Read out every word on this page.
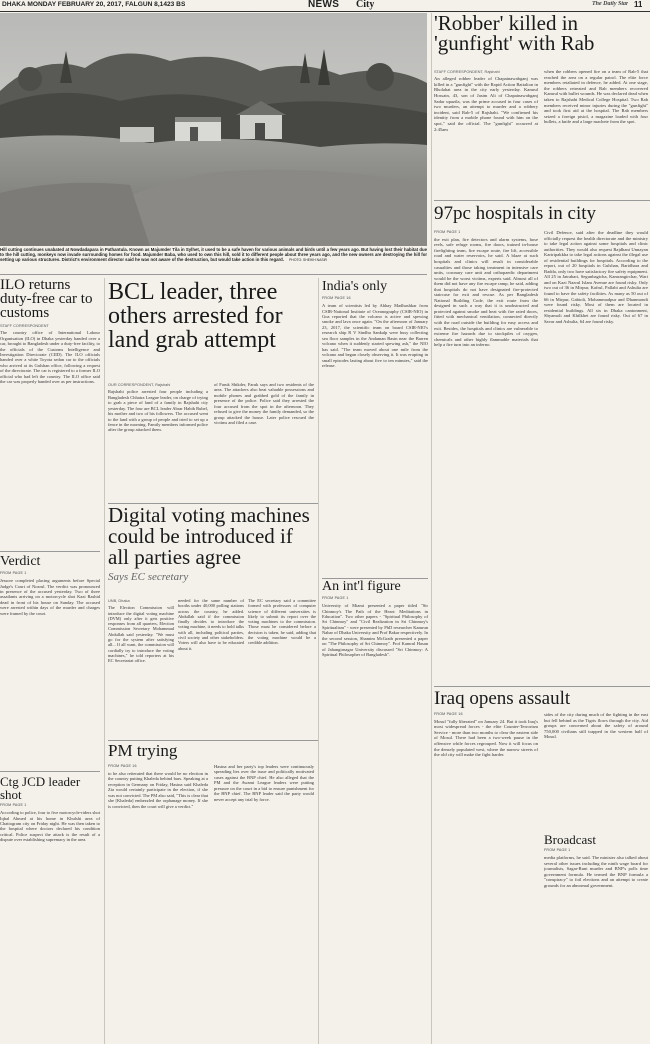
DHAKA MONDAY FEBRUARY 20, 2017, FALGUN 8,1423 BS	NEWS City	The Daily Star 11

Hill cutting continues unabated at Nowdadapara in Pathantula. Known as Majumder Tila in Sylhet, it used to be a safe haven for various animals and birds until a few years ago. But having lost their habitat due to the hill cutting, monkeys now invade surrounding homes for food. Majumder Baba, who used to own this hill, sold it to different people about three years ago, and the new owners are destroying the hill for setting up various structures. District's environment director said he was not aware of the destruction, but would take action in this regard. PHOTO: SHEIKH NASIR

'Robber' killed in 'gunfight' with Rab

STAFF CORRESPONDENT, Rajshahi

An alleged robber leader of Chapainawabganj was killed in a "gunfight" with the Rapid Action Battalion in Bholahat area in the city early yesterday. Kamrul Hossain, 43, son of Jasim Ali of Chapainawabganj Sadar upazila, was the prime accused in four cases of two murders, an attempt to murder and a robbery incident, said Rab-5 of Rajshahi. "We confirmed his identity from a mobile phone found with him on the spot," said the official. The "gunfight" occurred at 2:45am

when the robbers opened fire on a team of Rab-5 that reached the area on a regular patrol. The elite force members retaliated in defence, he added. At one stage, the robbers retreated and Rab members recovered Kamrul with bullet wounds. He was declared dead when taken to Rajshahi Medical College Hospital. Two Rab members received minor injuries during the "gunfight" and took first aid at the hospital. The Rab members seized a foreign pistol, a magazine loaded with four bullets, a knife and a large machete from the spot.

97pc hospitals in city

FROM PAGE 1

the exit plan, fire detectors and alarm systems, hose reels, safe refuge rooms, fire doors, trained in-house firefighting team, fire escape route, fire lift, accessible road and water reservoirs, he said. A blaze at such hospitals and clinics will result in considerable casualties and those taking treatment in intensive care units, coronary care unit and orthopaedic department would be the worst victims, experts said. Almost all of them did not have any fire escape ramp, he said, adding that hospitals do not have designated fire-protected staircase for exit and rescue. As per Bangladesh National Building Code, the exit route from the designed in such a way that it is unobstructed and protected against smoke and heat with fire rated doors, fitted with mechanical ventilation, connected directly with the road outside the building for easy access and exit. Besides, the hospitals and clinics are vulnerable to extreme fire hazards due to stockpiles of oxygen, chemicals and other highly flammable materials that help a fire turn into an inferno.

Civil Defence, said after the deadline they would officially request the health directorate and the ministry to take legal action against some hospitals and clinic authorities. They would also request Rajdhani Unnayan Kartripakkha to take legal actions against the illegal use of residential buildings for hospitals. According to the report, out of 20 hospitals in Gulshan, Baridhara and Badda, only two have satisfactory fire safety equipment. All 25 in Jatrabari, Segunbagicha, Kamrangirchar, Wari and on Kazi Nazrul Islam Avenue are found risky. Only two out of 36 in Mirpur, Kafrul, Pallabi and Ashulia are found to have the safety facilities. As many as 50 out of 66 in Mirpur, Gabtoli, Mohammadpur and Dhanmondi were found risky. Most of them are located in residential buildings. All six in Dhaka cantonment, Shyamoli and Khilkhet are found risky. Out of 67 in Savar and Ashulia, 64 are found risky.

ILO returns duty-free car to customs

STAFF CORRESPONDENT

The country office of International Labour Organisation (ILO) in Dhaka yesterday handed over a car, brought to Bangladesh under a duty-free facility, to the officials of the Customs Intelligence and Investigation Directorate (CIID). The ILO officials handed over a white Toyota sedan car to the officials who arrived at its Gulshan office, following a request of the directorate. The car is registered to a former ILO official who had left the country. The ILO office said the car was properly handed over as per instructions.

Verdict

FROM PAGE 1

Jessore completed placing arguments before Special Judge's Court of Nozrul. The verdict was pronounced in presence of the accused yesterday. Two of three assailants arriving on a motorcycle shot Kazi Rashid dead in front of his house on Sunday. The accused were arrested within days of the murder and charges were framed by the court.

Ctg JCD leader shot

FROM PAGE 1

According to police, four to five motorcycle-riders shot Iqbal Ahmed at his home in Khulshi area of Chattogram city on Friday night. He was then taken to the hospital where doctors declared his condition critical. Police suspect the attack is the result of a dispute over establishing supremacy in the area.

BCL leader, three others arrested for land grab attempt

OUR CORRESPONDENT, Rajshahi

Rajshahi police arrested four people including a Bangladesh Chhatra League leader, on charge of trying to grab a piece of land of a family in Rajshahi city yesterday. The four are BCL leader Abrar Habib Rubel, his mother and two of his followers. The accused went to the land with a group of people and tried to set up a fence in the morning. Family members informed police after the group attacked them.

of Faruk Shikder, Faruk says and two residents of the area. The attackers also beat valuable possessions and mobile phones and grabbed gold of the family in presence of the police. Police said they arrested the four accused from the spot in the afternoon. They refused to give the money the family demanded, so the group attacked the house. Later police rescued the victims and filed a case.

India's only

FROM PAGE 16

A team of scientists led by Abhay Madhushkar from CSIR-National Institute of Oceanography (CSIR-NIO) in Goa reported that the volcano is active and spewing smoke and lava once again. "On the afternoon of January 23, 2017, the scientific team on board CSIR-NIO's research ship R V Sindhu Sankalp were busy collecting sea floor samples in the Andaman Basin near the Barren volcano when it suddenly started spewing ash," the NIO has said. "The team moved about one mile from the volcano and began closely observing it. It was erupting in small episodes lasting about five to ten minutes," said the release.

An int'l figure

FROM PAGE 1

University of Miami presented a paper titled "Sir Chinmoy's The Path of the Heart: Meditations in Education". Two other papers - "Spiritual Philosophy of Sri Chinmoy" and "Civil Realization in Sri Chinmoy's Spiritualism" - were presented by PhD researcher Kamrun Nahar of Dhaka University and Prof Bakar respectively. In the second session, Shamim McGrath presented a paper on "The Philosophy of Sri Chinmoy". Prof Kamrul Hasan of Jahangirnagar University discussed "Sri Chinmoy: A Spiritual Philosopher of Bangladesh".

Digital voting machines could be introduced if all parties agree

Says EC secretary

UNB, Dhaka

The Election Commission will introduce the digital voting machine (DVM) only after it gets positive responses from all quarters, Election Commission Secretary Mohammad Abdullah said yesterday. "We must go for the system after satisfying all... If all want, the commission will cordially try to introduce the voting machines," he told reporters at his EC Secretariat office.

needed for the same number of booths under 40,000 polling stations across the country, he added. Abdullah said if the commission finally decides to introduce the voting machine, it needs to hold talks with all, including political parties, civil society and other stakeholders. Voters will also have to be educated about it.

The EC secretary said a committee formed with professors of computer science of different universities is likely to submit its report over the voting machines to the commission. Those must be considered before a decision is taken, he said, adding that the voting machine would be a credible addition.

PM trying

FROM PAGE 16

to be also reiterated that there would be no election in the country putting Khaleda behind bars. Speaking at a reception in Germany on Friday, Hasina said Khaleda Zia would certainly participate in the election, if she was not convicted. The PM also said, "This is clear that she [Khaleda] embezzled the orphanage money. If she is convicted, then the court will give a verdict."

Hasina and her party's top leaders were continuously spreading lies over the issue and politically motivated cases against the BNP chief. He also alleged that the PM and the Awami League leaders were putting pressure on the court in a bid to ensure punishment for the BNP chief. The BNP leader said the party would never accept any trial by force.

Iraq opens assault

FROM PAGE 16

Mosul "fully liberated" on January 24. But it took Iraq's most widespread forces - the elite Counter-Terrorism Service - more than two months to clear the eastern side of Mosul. There had been a two-week pause in the offensive while forces regrouped. Now it will focus on the densely populated west, where the narrow streets of the old city will make the fight harder.

sides of the city during much of the fighting in the east but fell behind as the Tigris flows through the city. Aid groups are concerned about the safety of around 750,000 civilians still trapped in the western half of Mosul.

Broadcast

FROM PAGE 1

media platforms, he said. The minister also talked about several other issues including the ninth wage board for journalists, Sagar-Runi murder and BNP's polls time government formula. He termed the BNP formula a "conspiracy" to foil elections and an attempt to create grounds for an abnormal government.
